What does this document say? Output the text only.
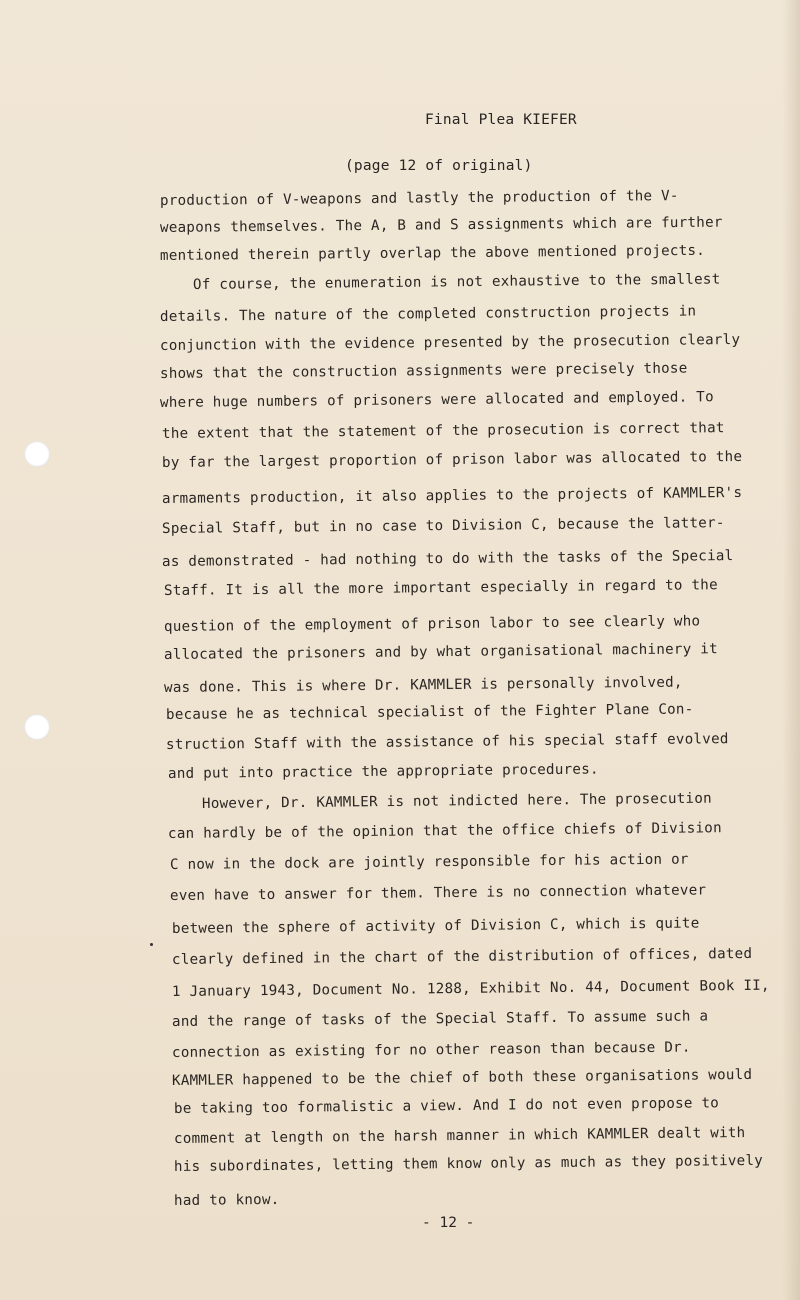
Final Plea KIEFER
(page 12 of original)
production of V-weapons and lastly the production of the V-
weapons themselves. The A, B and S assignments which are further
mentioned therein partly overlap the above mentioned projects.
Of course, the enumeration is not exhaustive to the smallest
details. The nature of the completed construction projects in
conjunction with the evidence presented by the prosecution clearly
shows that the construction assignments were precisely those
where huge numbers of prisoners were allocated and employed. To
the extent that the statement of the prosecution is correct that
by far the largest proportion of prison labor was allocated to the
armaments production, it also applies to the projects of KAMMLER's
Special Staff, but in no case to Division C, because the latter-
as demonstrated - had nothing to do with the tasks of the Special
Staff. It is all the more important especially in regard to the
question of the employment of prison labor to see clearly who
allocated the prisoners and by what organisational machinery it
was done. This is where Dr. KAMMLER is personally involved,
because he as technical specialist of the Fighter Plane Con-
struction Staff with the assistance of his special staff evolved
and put into practice the appropriate procedures.
However, Dr. KAMMLER is not indicted here. The prosecution
can hardly be of the opinion that the office chiefs of Division
C now in the dock are jointly responsible for his action or
even have to answer for them. There is no connection whatever
between the sphere of activity of Division C, which is quite
clearly defined in the chart of the distribution of offices, dated
1 January 1943, Document No. 1288, Exhibit No. 44, Document Book II,
and the range of tasks of the Special Staff. To assume such a
connection as existing for no other reason than because Dr.
KAMMLER happened to be the chief of both these organisations would
be taking too formalistic a view. And I do not even propose to
comment at length on the harsh manner in which KAMMLER dealt with
his subordinates, letting them know only as much as they positively
had to know.
- 12 -
